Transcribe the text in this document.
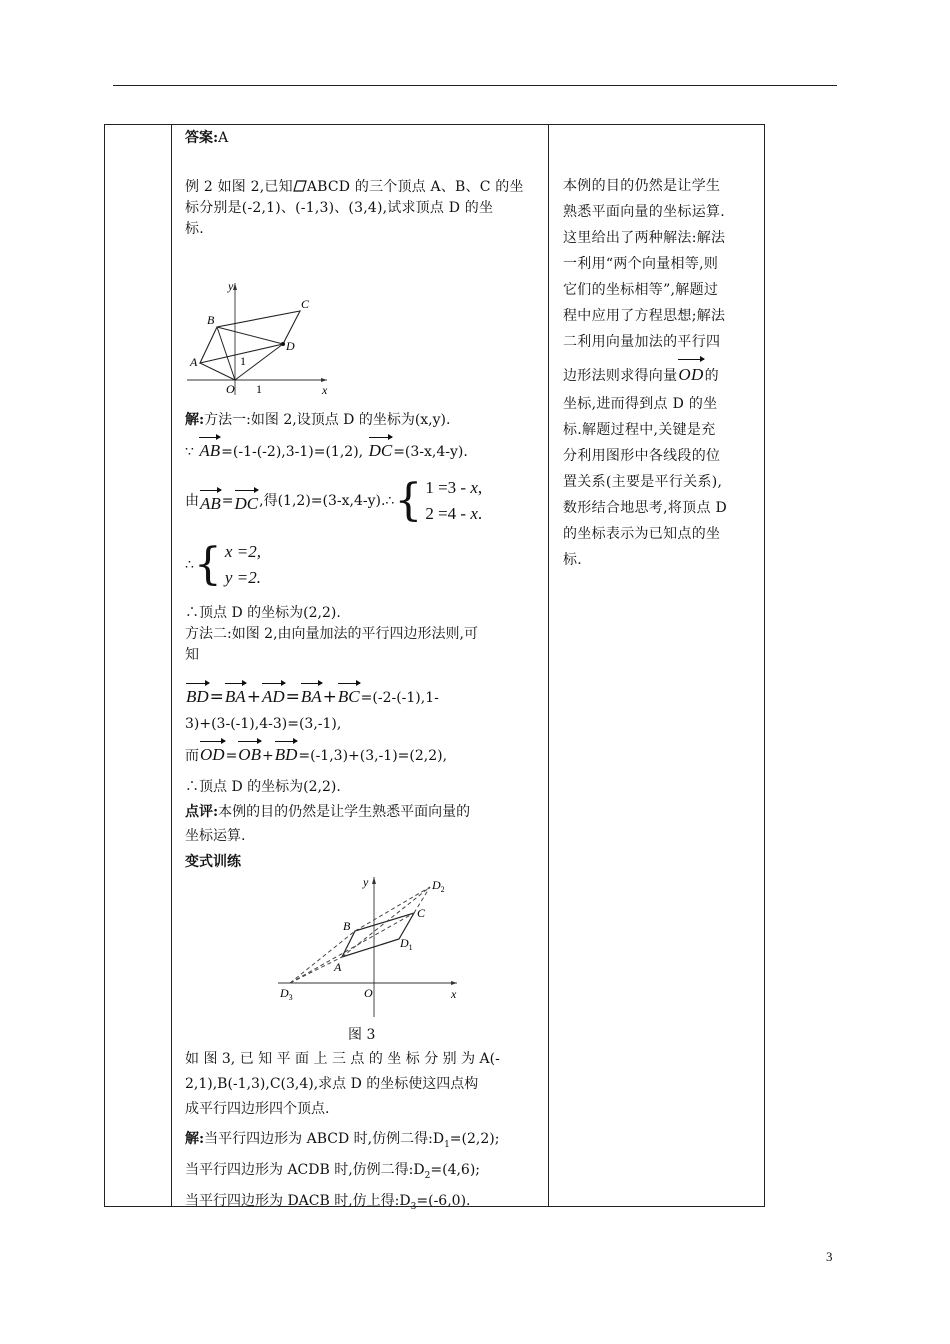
答案:A

例 2 如图 2,已知 ABCD 的三个顶点 A、B、C 的坐

标分别是(-2,1)、(-1,3)、(3,4),试求顶点 D 的坐

标.

y
x
B
C
A
D
O 1
1

解:方法一:如图 2,设顶点 D 的坐标为(x,y).

∵ AB=(-1-(-2),3-1)=(1,2), DC=(3-x,4-y).

由 AB = DC ,得(1,2)=(3-x,4-y).∴ { 1 =3 - x,
2 =4 - x.
∴ { x =2,
y =2.

∴顶点 D 的坐标为(2,2).

方法二:如图 2,由向量加法的平行四边形法则,可

知

BD=BA+AD=BA+BC=(-2-(-1),1-

3)+(3-(-1),4-3)=(3,-1),

而OD=OB+BD=(-1,3)+(3,-1)=(2,2),

∴顶点 D 的坐标为(2,2).

点评:本例的目的仍然是让学生熟悉平面向量的

坐标运算.

变式训练

y
x
$D_2$
C
B
$D_1$
A
$D_3$	O

图 3

如 图 3, 已 知 平 面 上 三 点 的 坐 标 分 别 为 A(-

2,1),B(-1,3),C(3,4),求点 D 的坐标使这四点构

成平行四边形四个顶点.

解:当平行四边形为 ABCD 时,仿例二得$:D_1=(2,2)$;

当平行四边形为 ACDB 时,仿例二得$:D_2=(4,6)$;

当平行四边形为 DACB 时,仿上得$:D_3=(-6,0)$.

本例的目的仍然是让学生

熟悉平面向量的坐标运算.

这里给出了两种解法:解法

一利用“两个向量相等,则

它们的坐标相等”,解题过

程中应用了方程思想;解法

二利用向量加法的平行四

边形法则求得向量OD的

坐标,进而得到点 D 的坐

标.解题过程中,关键是充

分利用图形中各线段的位

置关系(主要是平行关系),

数形结合地思考,将顶点 D

的坐标表示为已知点的坐

标.

3
